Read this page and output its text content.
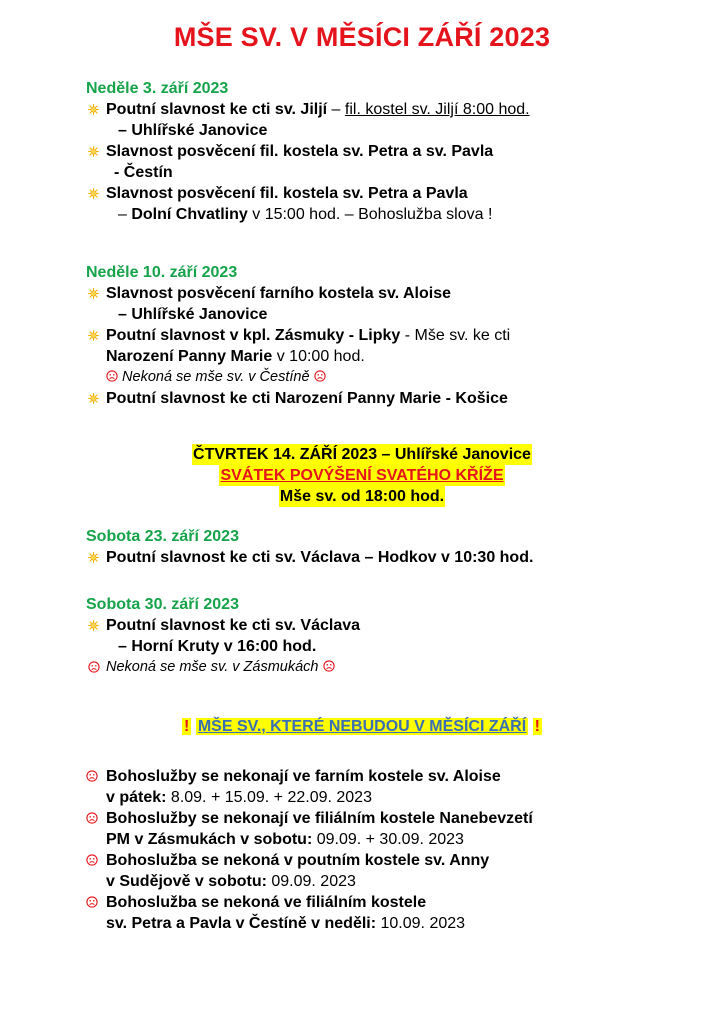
MŠE SV. V MĚSÍCI ZÁŘÍ 2023
Neděle 3. září 2023
Poutní slavnost ke cti sv. Jiljí – fil. kostel sv. Jiljí 8:00 hod.
– Uhlířské Janovice
Slavnost posvěcení fil. kostela sv. Petra a sv. Pavla
- Čestín
Slavnost posvěcení fil. kostela sv. Petra a Pavla
– Dolní Chvatliny v 15:00 hod. – Bohoslužba slova !
Neděle 10. září 2023
Slavnost posvěcení farního kostela sv. Aloise
– Uhlířské Janovice
Poutní slavnost v kpl. Zásmuky - Lipky - Mše sv. ke cti
Narození Panny Marie v 10:00 hod.
Nekoná se mše sv. v Čestíně
Poutní slavnost ke cti Narození Panny Marie - Košice
ČTVRTEK 14. ZÁŘÍ 2023 – Uhlířské Janovice
SVÁTEK POVÝŠENÍ SVATÉHO KŘÍŽE
Mše sv. od 18:00 hod.
Sobota 23. září 2023
Poutní slavnost ke cti sv. Václava – Hodkov v 10:30 hod.
Sobota 30. září 2023
Poutní slavnost ke cti sv. Václava
– Horní Kruty v 16:00 hod.
Nekoná se mše sv. v Zásmukách
! MŠE SV., KTERÉ NEBUDOU V MĚSÍCI ZÁŘÍ !
Bohoslužby se nekonají ve farním kostele sv. Aloise
v pátek: 8.09. + 15.09. + 22.09. 2023
Bohoslužby se nekonají ve filiálním kostele Nanebevzetí
PM v Zásmukách v sobotu: 09.09. + 30.09. 2023
Bohoslužba se nekoná v poutním kostele sv. Anny
v Sudějově v sobotu: 09.09. 2023
Bohoslužba se nekoná ve filiálním kostele
sv. Petra a Pavla v Čestíně v neděli: 10.09. 2023
